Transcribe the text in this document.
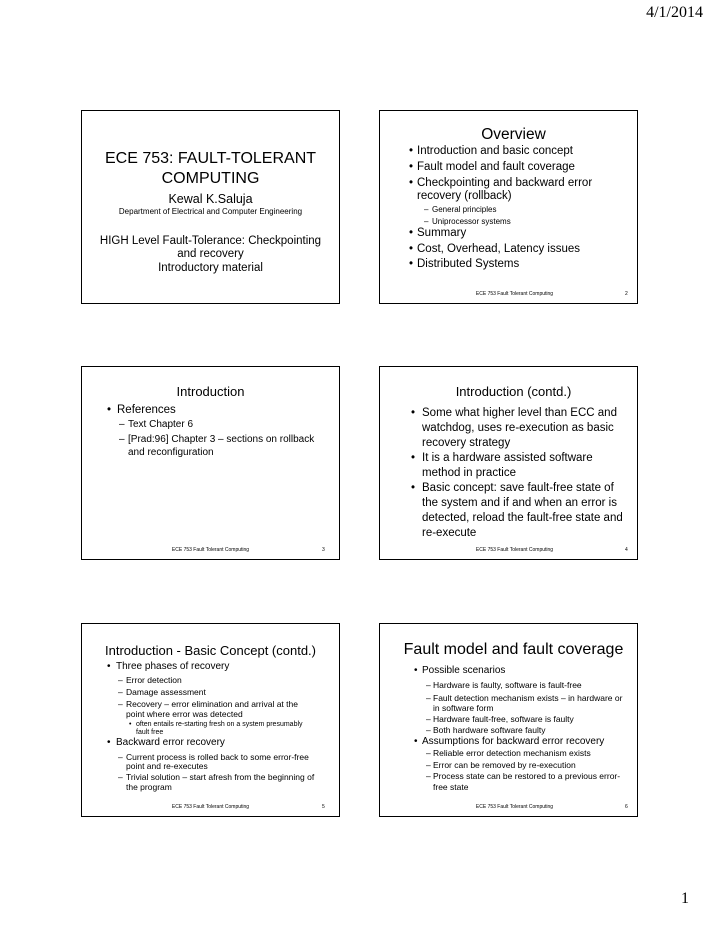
4/1/2014
ECE 753: FAULT-TOLERANT
COMPUTING
Kewal K.Saluja
Department of Electrical and Computer Engineering
HIGH Level Fault-Tolerance: Checkpointing
and recovery
Introductory material
Overview
• Introduction and basic concept
• Fault model and fault coverage
• Checkpointing and backward error
recovery (rollback)
– General principles
– Uniprocessor systems
• Summary
• Cost, Overhead, Latency issues
• Distributed Systems
ECE 753 Fault Tolerant Computing	2
Introduction
• References
– Text Chapter 6
– [Prad:96] Chapter 3 – sections on rollback
and reconfiguration
ECE 753 Fault Tolerant Computing	3
Introduction (contd.)
• Some what higher level than ECC and
watchdog, uses re-execution as basic
recovery strategy
• It is a hardware assisted software
method in practice
• Basic concept: save fault-free state of
the system and if and when an error is
detected, reload the fault-free state and
re-execute
ECE 753 Fault Tolerant Computing	4
Introduction - Basic Concept (contd.)
• Three phases of recovery
– Error detection
– Damage assessment
– Recovery – error elimination and arrival at the
point where error was detected
• often entails re-starting fresh on a system presumably
fault free
• Backward error recovery
– Current process is rolled back to some error-free
point and re-executes
– Trivial solution – start afresh from the beginning of
the program
ECE 753 Fault Tolerant Computing	5
Fault model and fault coverage
• Possible scenarios
– Hardware is faulty, software is fault-free
– Fault detection mechanism exists – in hardware or
in software form
– Hardware fault-free, software is faulty
– Both hardware software faulty
• Assumptions for backward error recovery
– Reliable error detection mechanism exists
– Error can be removed by re-execution
– Process state can be restored to a previous error-
free state
ECE 753 Fault Tolerant Computing	6
1
